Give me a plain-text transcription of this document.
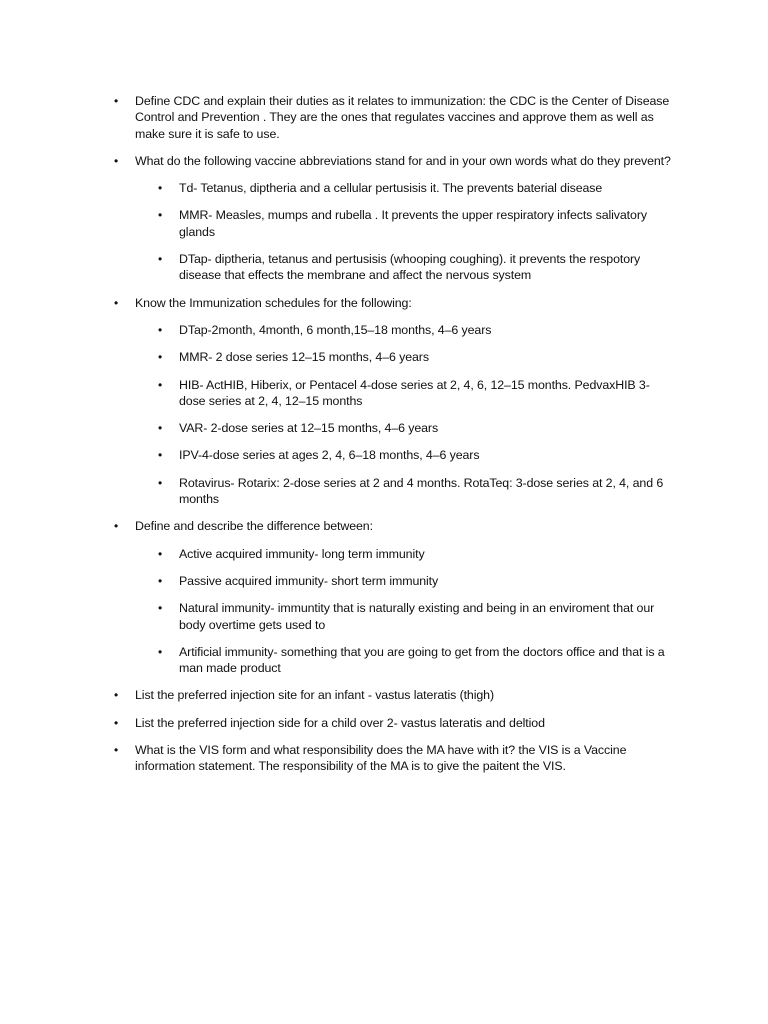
•	Define CDC and explain their duties as it relates to immunization: the CDC is the Center of Disease Control and Prevention . They are the ones that regulates vaccines and approve them as well as make sure it is safe to use.
•	What do the following vaccine abbreviations stand for and in your own words what do they prevent?
•	Td- Tetanus, diptheria and a cellular pertusisis it. The prevents baterial disease
•	MMR- Measles, mumps and rubella . It prevents the upper respiratory infects salivatory glands
•	DTap- diptheria, tetanus and pertusisis (whooping coughing). it prevents the respotory disease that effects the membrane and affect the nervous system
•	Know the Immunization schedules for the following:
•	DTap-2month, 4month, 6 month,15–18 months, 4–6 years
•	MMR- 2 dose series 12–15 months, 4–6 years
•	HIB- ActHIB, Hiberix, or Pentacel 4-dose series at 2, 4, 6, 12–15 months. PedvaxHIB 3-dose series at 2, 4, 12–15 months
•	VAR- 2-dose series at 12–15 months, 4–6 years
•	IPV-4-dose series at ages 2, 4, 6–18 months, 4–6 years
•	Rotavirus- Rotarix: 2-dose series at 2 and 4 months. RotaTeq: 3-dose series at 2, 4, and 6 months
•	Define and describe the difference between:
•	Active acquired immunity- long term immunity
•	Passive acquired immunity- short term immunity
•	Natural immunity- immuntity that is naturally existing and being in an enviroment that our body overtime gets used to
•	Artificial immunity- something that you are going to get from the doctors office and that is a man made product
•	List the preferred injection site for an infant - vastus lateratis (thigh)
•	List the preferred injection side for a child over 2- vastus lateratis and deltiod
•	What is the VIS form and what responsibility does the MA have with it? the VIS is a Vaccine information statement. The responsibility of the MA is to give the paitent the VIS.
